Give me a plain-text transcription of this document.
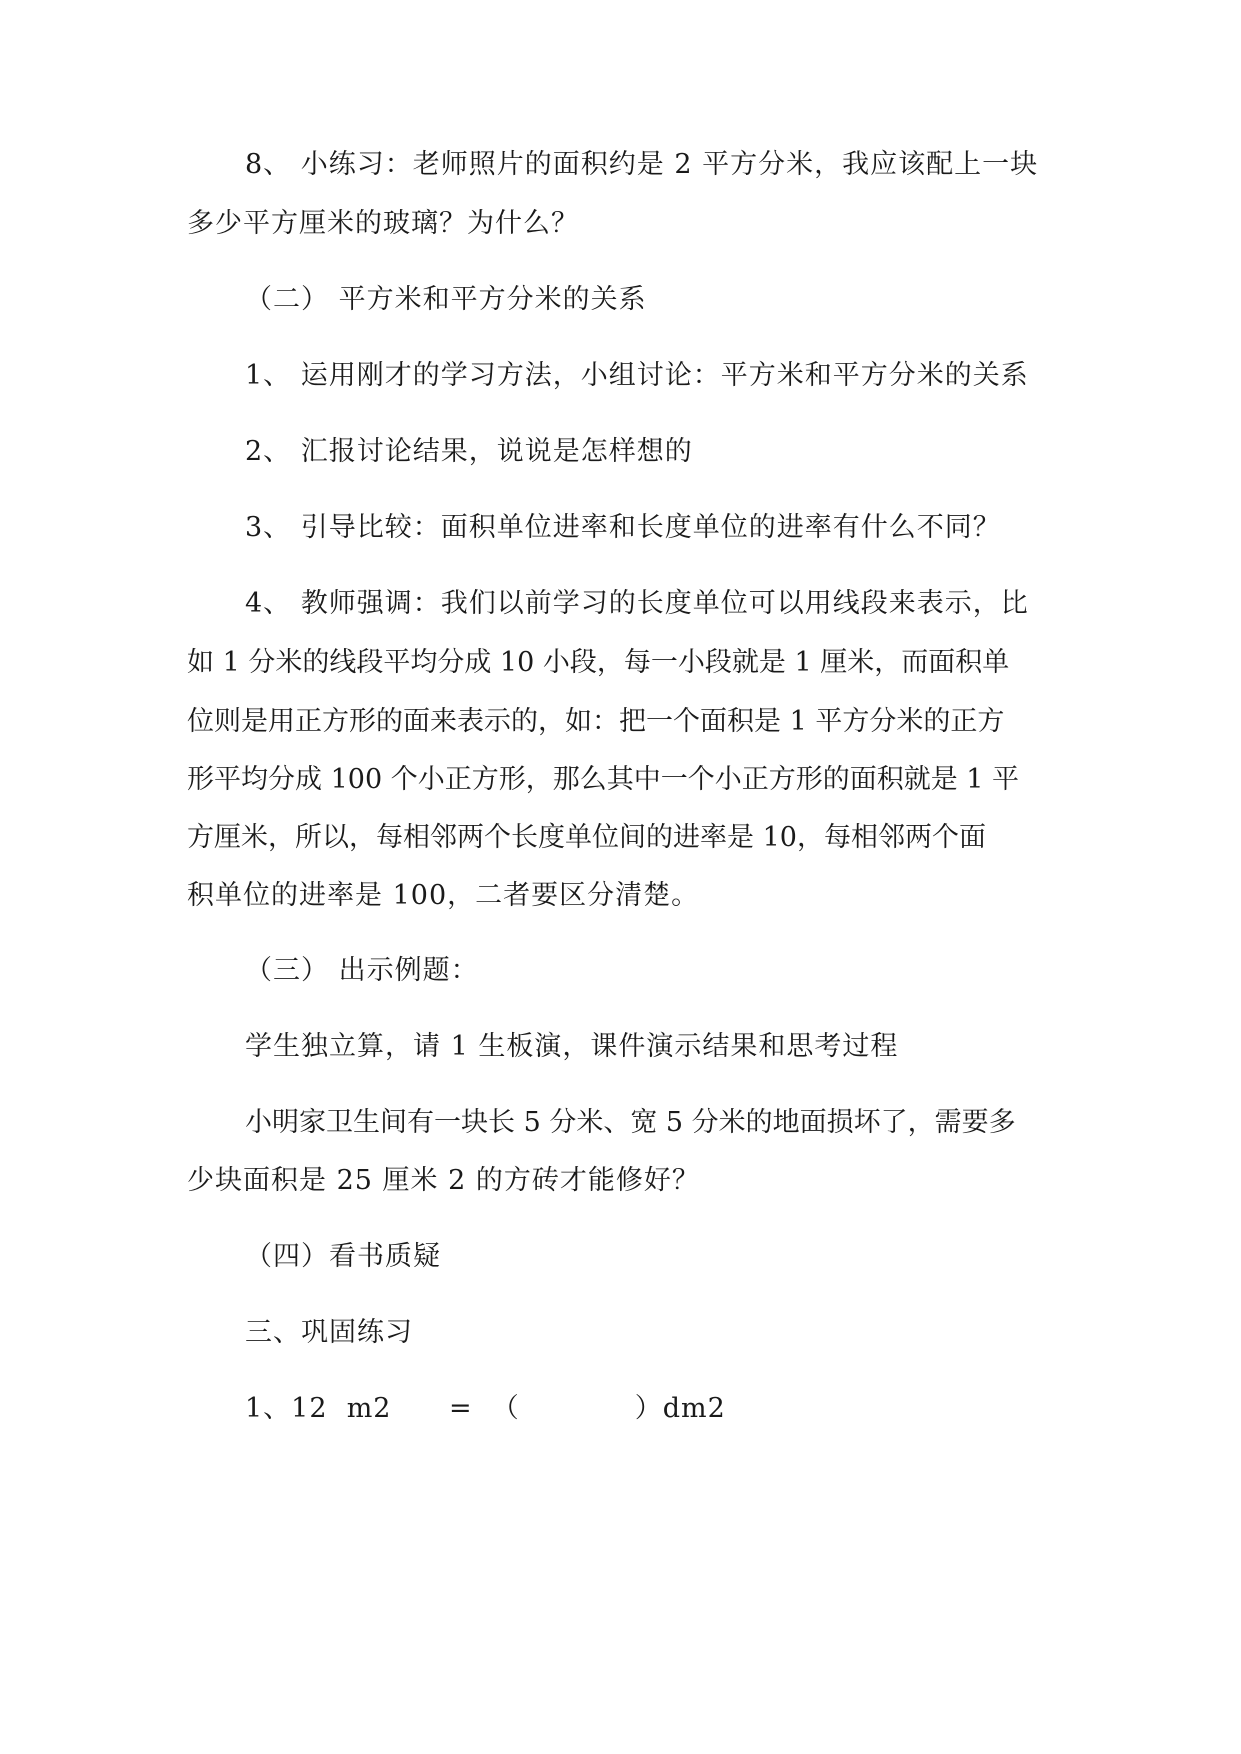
8、 小练习：老师照片的面积约是 2 平方分米，我应该配上一块
多少平方厘米的玻璃？为什么？
（二） 平方米和平方分米的关系
1、 运用刚才的学习方法，小组讨论：平方米和平方分米的关系
2、 汇报讨论结果，说说是怎样想的
3、 引导比较：面积单位进率和长度单位的进率有什么不同？
4、 教师强调：我们以前学习的长度单位可以用线段来表示，比
如 1 分米的线段平均分成 10 小段，每一小段就是 1 厘米，而面积单
位则是用正方形的面来表示的，如：把一个面积是 1 平方分米的正方
形平均分成 100 个小正方形，那么其中一个小正方形的面积就是 1 平
方厘米，所以，每相邻两个长度单位间的进率是 10，每相邻两个面
积单位的进率是 100，二者要区分清楚。
（三） 出示例题：
学生独立算，请 1 生板演，课件演示结果和思考过程
小明家卫生间有一块长 5 分米、宽 5 分米的地面损坏了，需要多
少块面积是 25 厘米 2 的方砖才能修好？
（四）看书质疑
三、巩固练习
1、12  m2      =  （            ）dm2
